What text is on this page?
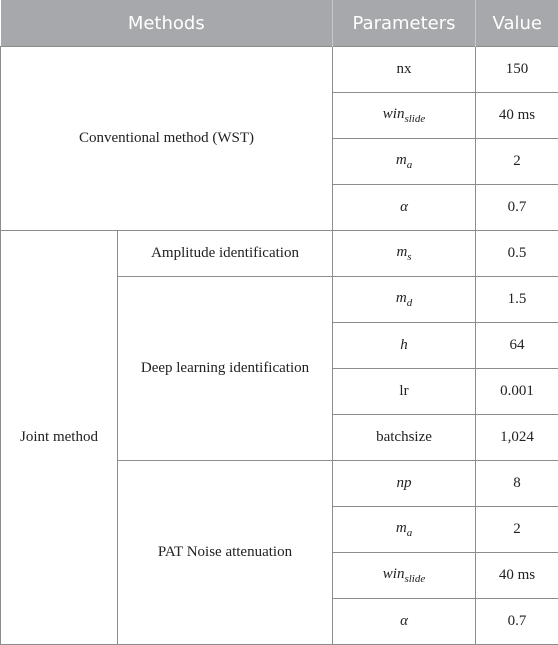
Methods		Parameters	Value
Conventional method (WST)		nx	150
		win$_{slide}$	40 ms
		$m_a$	2
		α	0.7
Joint method	Amplitude identification	$m_s$	0.5
	Deep learning identification	$m_d$	1.5
		h	64
		lr	0.001
		batchsize	1,024
	PAT Noise attenuation	np	8
		$m_a$	2
		win$_{slide}$	40 ms
		α	0.7
